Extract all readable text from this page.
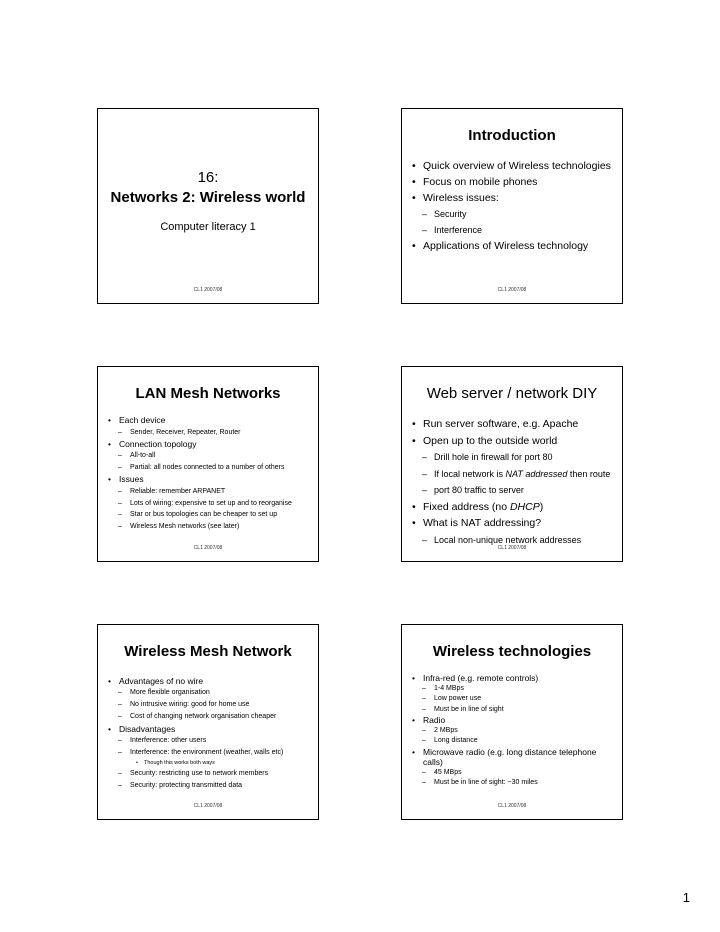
16:
Networks 2: Wireless world
Computer literacy 1
CL1 2007/08
Introduction
• Quick overview of Wireless technologies
• Focus on mobile phones
• Wireless issues:
– Security
– Interference
• Applications of Wireless technology
CL1 2007/08
LAN Mesh Networks
• Each device
– Sender, Receiver, Repeater, Router
• Connection topology
– All-to-all
– Partial: all nodes connected to a number of others
• Issues
– Reliable: remember ARPANET
– Lots of wiring: expensive to set up and to reorganise
– Star or bus topologies can be cheaper to set up
– Wireless Mesh networks (see later)
CL1 2007/08
Web server / network DIY
• Run server software, e.g. Apache
• Open up to the outside world
– Drill hole in firewall for port 80
– If local network is NAT addressed then route
– port 80 traffic to server
• Fixed address (no DHCP)
• What is NAT addressing?
– Local non-unique network addresses
CL1 2007/08
Wireless Mesh Network
• Advantages of no wire
– More flexible organisation
– No intrusive wiring: good for home use
– Cost of changing network organisation cheaper
• Disadvantages
– Interference: other users
– Interference: the environment (weather, walls etc)
• Though this works both ways
– Security: restricting use to network members
– Security: protecting transmitted data
CL1 2007/08
Wireless technologies
• Infra-red (e.g. remote controls)
– 1-4 MBps
– Low power use
– Must be in line of sight
• Radio
– 2 MBps
– Long distance
• Microwave radio (e.g. long distance telephone calls)
– 45 MBps
– Must be in line of sight: ~30 miles
CL1 2007/08
1
